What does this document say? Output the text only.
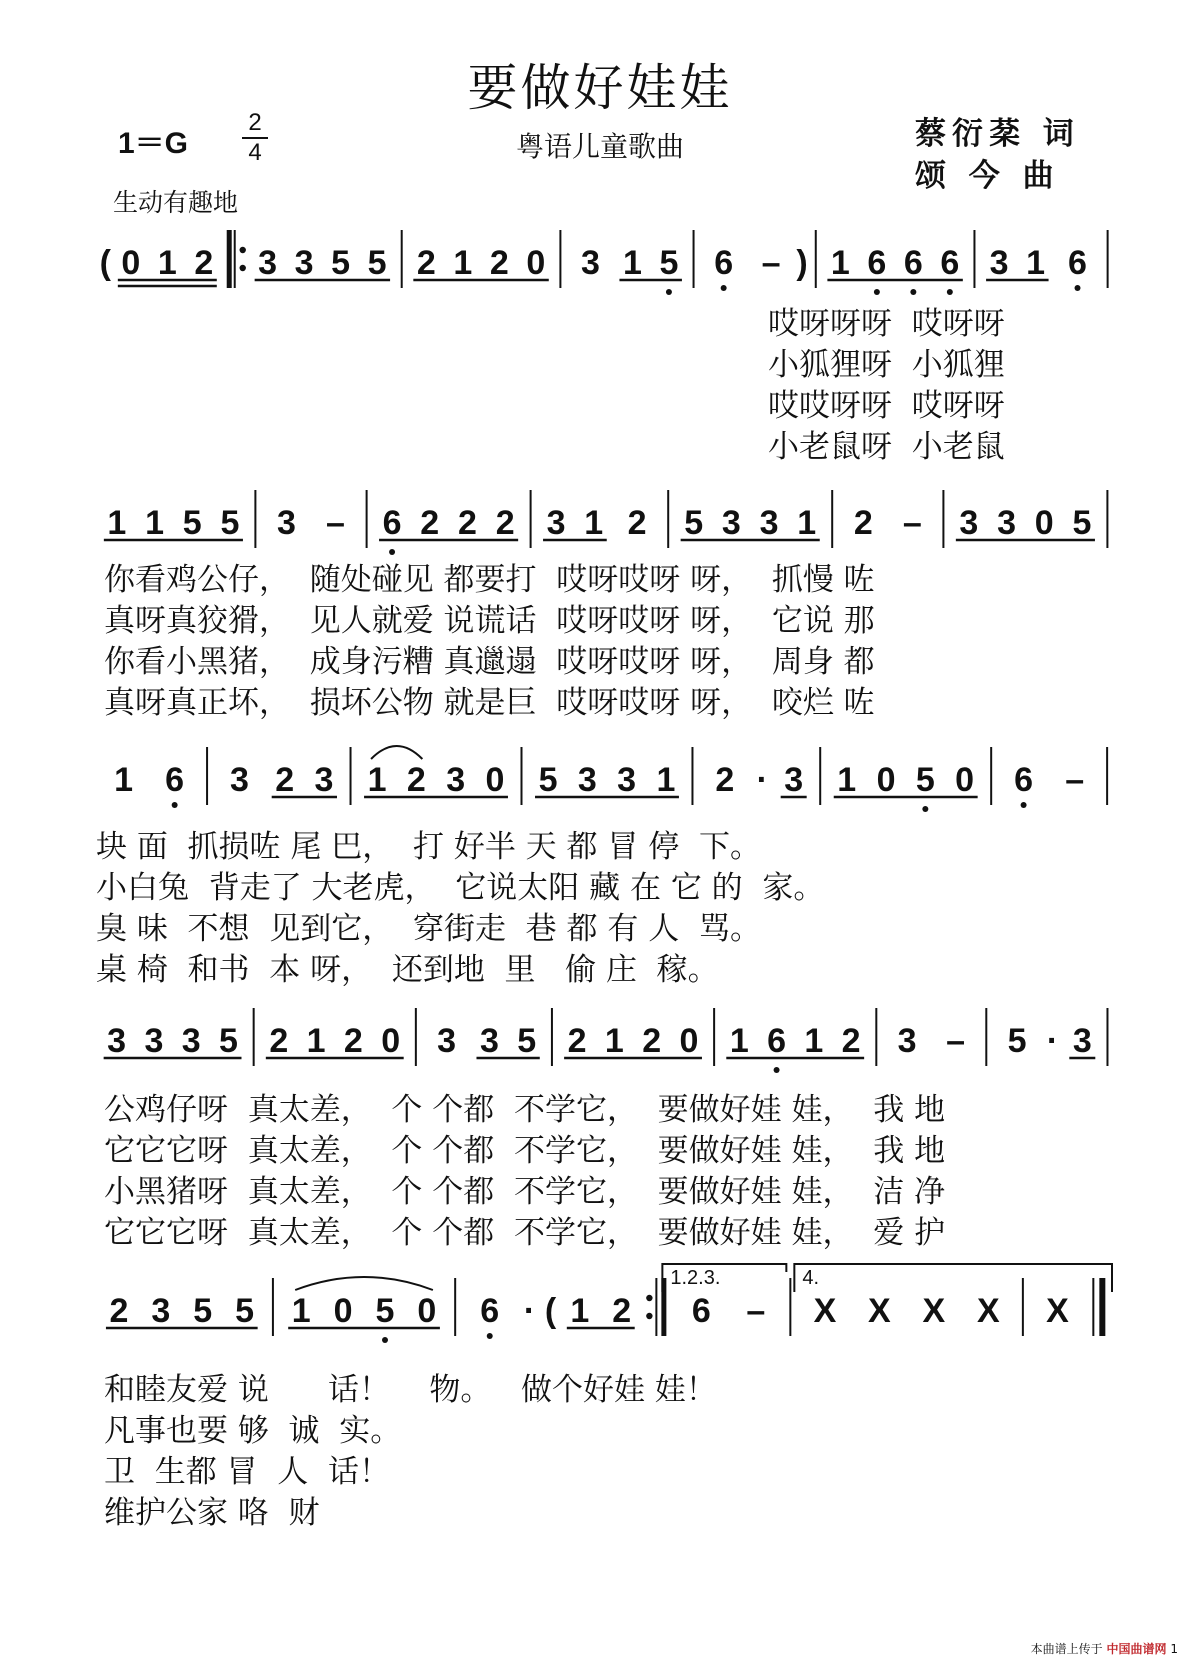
要做好娃娃
粤语儿童歌曲
1＝G
2
4
生动有趣地
蔡衍棻 词
颂 今 曲
( 0 1 2 3 3 5 5 2 1 2 0 3 1 5 6 – ) 1 6 6 6 3 1 6
1 1 5 5 3 – 6 2 2 2 3 1 2 5 3 3 1 2 – 3 3 0 5
1 6 3 2 3 1 2 3 0 5 3 3 1 2 · 3 1 0 5 0 6 –
3 3 3 5 2 1 2 0 3 3 5 2 1 2 0 1 6 1 2 3 – 5 · 3
2 3 5 5 1 0 5 0 6 · ( 1 2 6 – X X X X X
1.2.3.	4.
本曲谱上传于 中国曲谱网 1
哎呀呀呀  哎呀呀
小狐狸呀  小狐狸
哎哎呀呀  哎呀呀
小老鼠呀  小老鼠
你看鸡公仔，  随处碰见 都要打  哎呀哎呀 呀，  抓慢 咗
真呀真狡猾，  见人就爱 说谎话  哎呀哎呀 呀，  它说 那
你看小黑猪，  成身污糟 真邋遢  哎呀哎呀 呀，  周身 都
真呀真正坏，  损坏公物 就是巨  哎呀哎呀 呀，  咬烂 咗
块 面  抓损咗 尾 巴，  打 好半 天 都 冒 停  下。
小白兔  背走了 大老虎，  它说太阳 藏 在 它 的  家。
臭 味  不想  见到它，  穿街走  巷 都 有 人  骂。
桌 椅  和书  本 呀，  还到地  里   偷 庄  稼。
公鸡仔呀  真太差，  个 个都  不学它，  要做好娃 娃，  我 地
它它它呀  真太差，  个 个都  不学它，  要做好娃 娃，  我 地
小黑猪呀  真太差，  个 个都  不学它，  要做好娃 娃，  洁 净
它它它呀  真太差，  个 个都  不学它，  要做好娃 娃，  爱 护
和睦友爱 说      话！    物。   做个好娃 娃！
凡事也要 够  诚  实。
卫  生都 冒  人  话！
维护公家 咯  财
